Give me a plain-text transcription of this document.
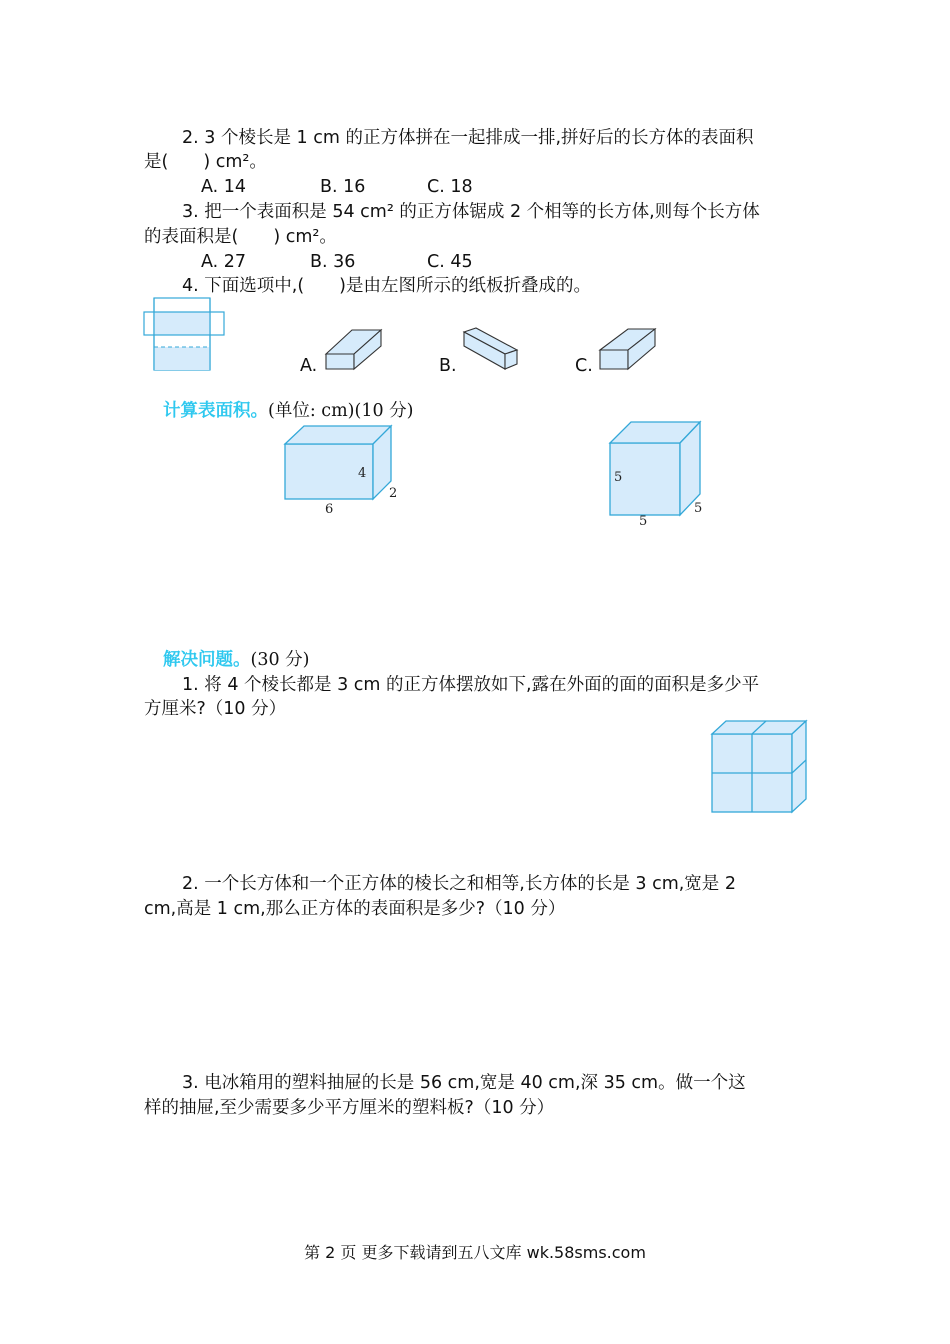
2. 3 个棱长是 1 cm 的正方体拼在一起排成一排,拼好后的长方体的表面积
是(　　) cm²。
A. 14	B. 16	C. 18
3. 把一个表面积是 54 cm² 的正方体锯成 2 个相等的长方体,则每个长方体
的表面积是(　　) cm²。
A. 27	B. 36	C. 45
4. 下面选项中,(　　)是由左图所示的纸板折叠成的。
A.	B.	C.
计算表面积。(单位: cm)(10 分)
4
2
6
5
5
5
解决问题。(30 分)
1. 将 4 个棱长都是 3 cm 的正方体摆放如下,露在外面的面的面积是多少平
方厘米?（10 分）
2. 一个长方体和一个正方体的棱长之和相等,长方体的长是 3 cm,宽是 2
cm,高是 1 cm,那么正方体的表面积是多少?（10 分）
3. 电冰箱用的塑料抽屉的长是 56 cm,宽是 40 cm,深 35 cm。做一个这
样的抽屉,至少需要多少平方厘米的塑料板?（10 分）
第 2 页 更多下载请到五八文库 wk.58sms.com
